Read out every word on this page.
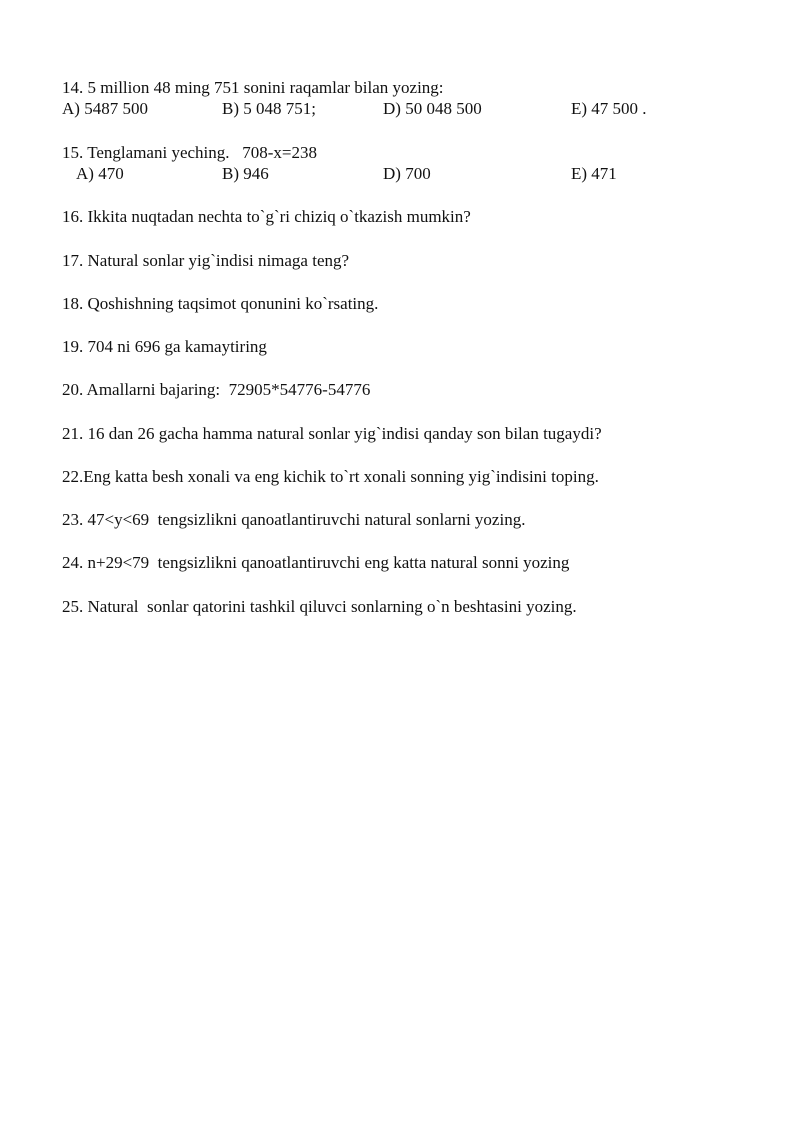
14. 5 million 48 ming 751 sonini raqamlar bilan yozing:
A) 5487 500	B) 5 048 751;	D) 50 048 500	E) 47 500 .
15. Tenglamani yeching.   708-x=238
A) 470	B) 946	D) 700	E) 471
16. Ikkita nuqtadan nechta to`g`ri chiziq o`tkazish mumkin?
17. Natural sonlar yig`indisi nimaga teng?
18. Qoshishning taqsimot qonunini ko`rsating.
19. 704 ni 696 ga kamaytiring
20. Amallarni bajaring:  72905*54776-54776
21. 16 dan 26 gacha hamma natural sonlar yig`indisi qanday son bilan tugaydi?
22.Eng katta besh xonali va eng kichik to`rt xonali sonning yig`indisini toping.
23. 47<y<69  tengsizlikni qanoatlantiruvchi natural sonlarni yozing.
24. n+29<79  tengsizlikni qanoatlantiruvchi eng katta natural sonni yozing
25. Natural  sonlar qatorini tashkil qiluvci sonlarning o`n beshtasini yozing.
